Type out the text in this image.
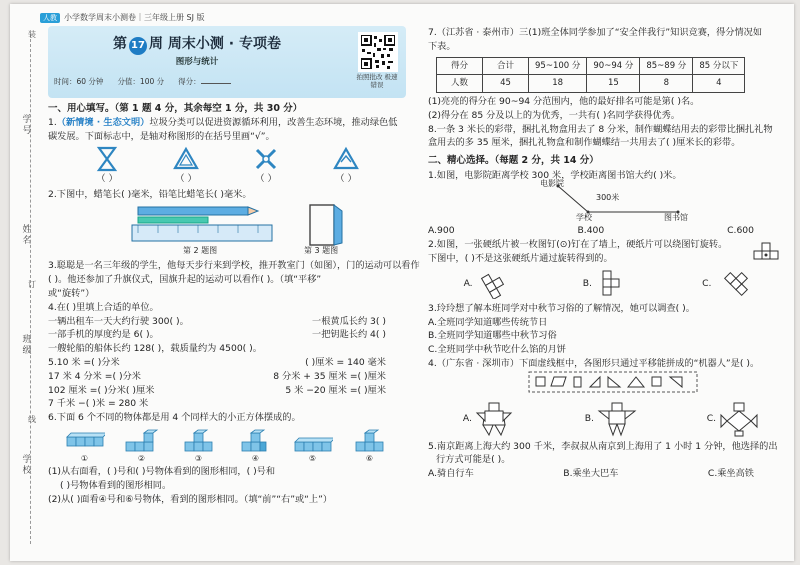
人教 小学数学周末小测卷｜三年级上册 SJ 版
学号
姓名
班级
学校
装
订
线
第 17 周 周末小测 · 专项卷
图形与统计
时间：60 分钟 分值：100 分 得分：	拍照批改 极速错误
一、用心填写。（第 1 题 4 分，其余每空 1 分，共 30 分）

1.（新情境 · 生态文明）垃圾分类可以促进资源循环利用，改善生态环境，推动绿色低

碳发展。下面标志中，是轴对称图形的在括号里画“√”。

（ ）	（ ）	（ ）	（ ）

2.下图中，蜡笔长( )毫米，铅笔比蜡笔长( )毫米。

第 2 题图	第 3 题图

3.聪聪是一名三年级的学生，他每天步行来到学校，推开教室门（如图），门的运动可以看作

( )。他还参加了升旗仪式，国旗升起的运动可以看作( )。（填“平移”

或“旋转”）

4.在( )里填上合适的单位。

一辆出租车一天大约行驶 300( )。	一根黄瓜长约 3( )
一部手机的厚度约是 6( )。	一把钥匙长约 4( )
一艘轮船的船体长约 128( )，载质量约为 4500( )。
5.10 米 =( )分米	( )厘米 = 140 毫米
17 米 4 分米 =( )分米	8 分米 + 35 厘米 =( )厘米
102 厘米 =( )分米( )厘米	5 米 −20 厘米 =( )厘米
7 千米 −( )米 = 280 米

6.下面 6 个不同的物体都是用 4 个同样大的小正方体摆成的。

①	②	③	④	⑤	⑥

(1)从右面看，( )号和( )号物体看到的图形相同，( )号和

( )号物体看到的图形相同。

(2)从( )面看④号和⑥号物体，看到的图形相同。（填“前”“右”或“上”）

7.（江苏省 · 泰州市）三(1)班全体同学参加了“安全伴我行”知识竞赛，得分情况如

下表。

得分	合计	95~100 分	90~94 分	85~89 分	85 分以下
人数	45	18	15	8	4

(1)亮亮的得分在 90~94 分范围内，他的最好排名可能是第( )名。

(2)得分在 85 分及以上的为优秀，一共有( )名同学获得优秀。

8.一条 3 米长的彩带，捆扎礼物盒用去了 8 分米，制作蝴蝶结用去的彩带比捆扎礼物

盒用去的多 35 厘米，捆扎礼物盒和制作蝴蝶结一共用去了( )厘米长的彩带。

二、精心选择。（每题 2 分，共 14 分）

1.如图，电影院距离学校 300 米，学校距离图书馆大约( )米。

电影院
300米
学校	图书馆
A.900	B.400	C.600

2.如图，一张硬纸片被一枚图钉(⊙)钉在了墙上，硬纸片可以绕图钉旋转。

下图中，( )不是这张硬纸片通过旋转得到的。

A.	B.	C.

3.玲玲想了解本班同学对中秋节习俗的了解情况，她可以调查( )。

A.全班同学知道哪些传统节日

B.全班同学知道哪些中秋节习俗

C.全班同学中秋节吃什么馅的月饼

4.（广东省 · 深圳市）下面虚线框中，各图形只通过平移能拼成的“机器人”是( )。

A.	B.	C.

5.南京距离上海大约 300 千米，李叔叔从南京到上海用了 1 小时 1 分钟，他选择的出

行方式可能是( )。

A.骑自行车	B.乘坐大巴车	C.乘坐高铁
